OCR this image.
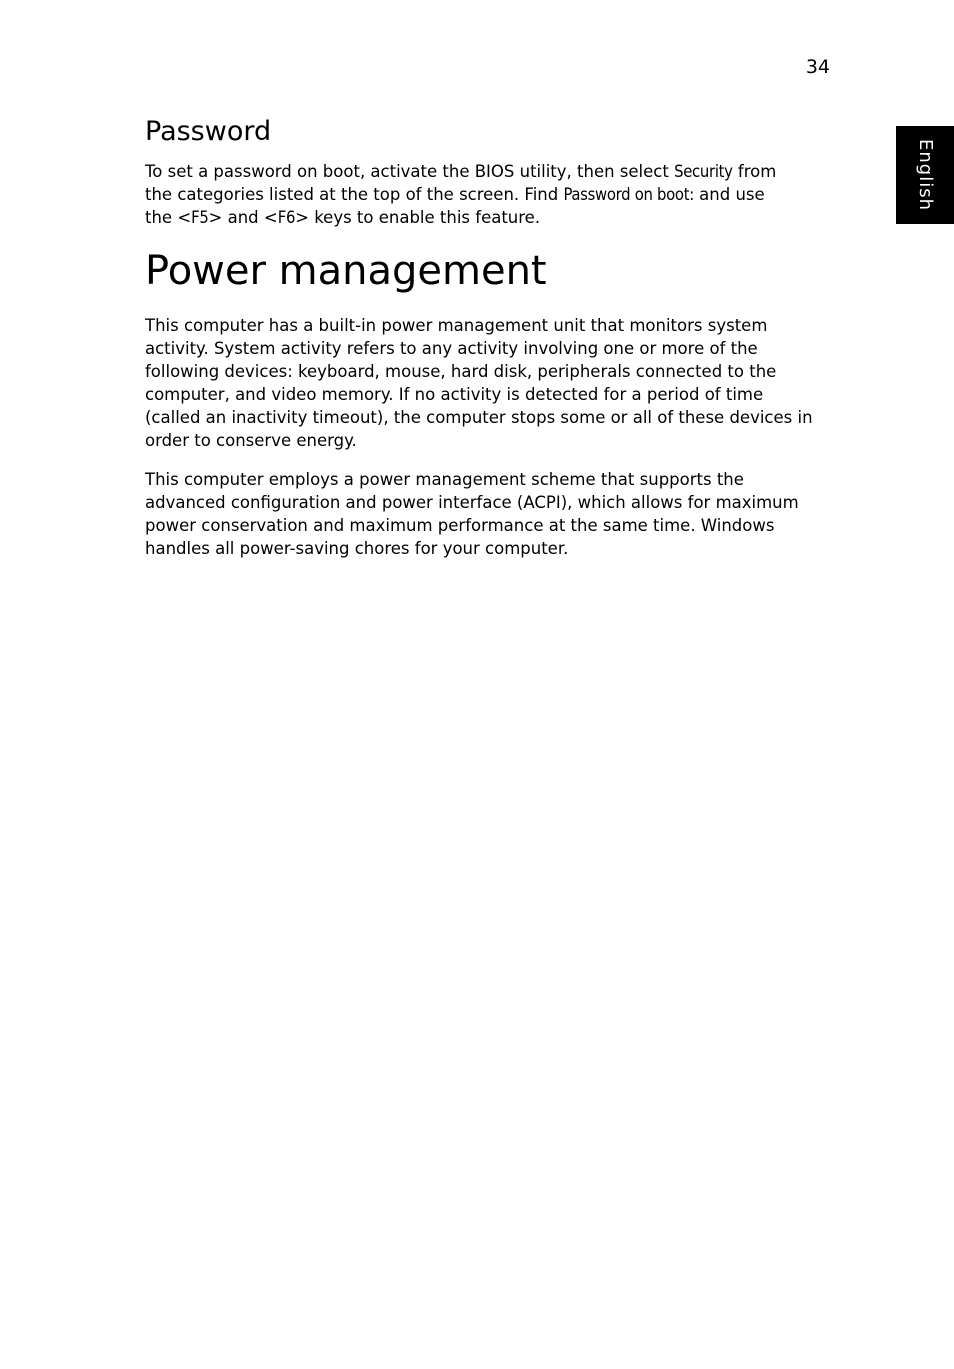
34
English
Password

To set a password on boot, activate the BIOS utility, then select Security from
the categories listed at the top of the screen. Find Password on boot: and use
the <F5> and <F6> keys to enable this feature.

Power management

This computer has a built-in power management unit that monitors system
activity. System activity refers to any activity involving one or more of the
following devices: keyboard, mouse, hard disk, peripherals connected to the
computer, and video memory. If no activity is detected for a period of time
(called an inactivity timeout), the computer stops some or all of these devices in
order to conserve energy.

This computer employs a power management scheme that supports the
advanced configuration and power interface (ACPI), which allows for maximum
power conservation and maximum performance at the same time. Windows
handles all power-saving chores for your computer.
